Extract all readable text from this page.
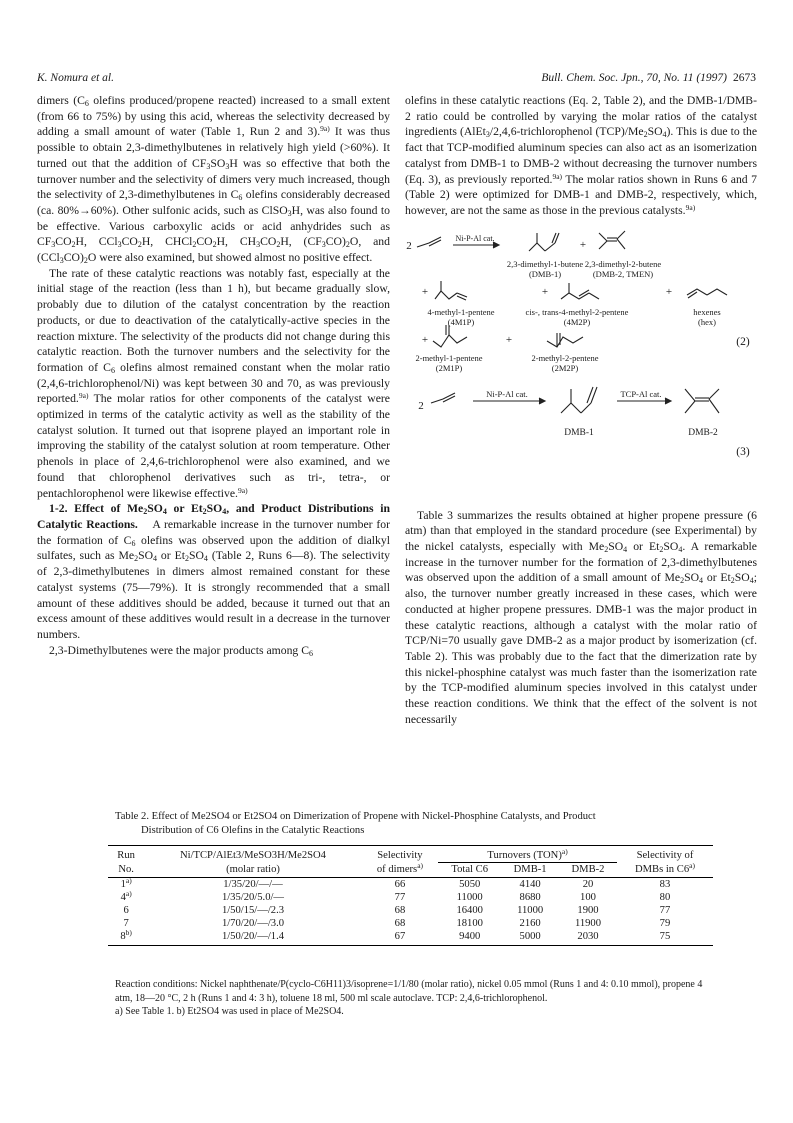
K. Nomura et al.	Bull. Chem. Soc. Jpn., 70, No. 11 (1997) 2673

dimers ($C_6$ olefins produced/propene reacted) increased to a small extent (from 66 to 75%) by using this acid, whereas the selectivity decreased by adding a small amount of water (Table 1, Run 2 and 3).$^{9a)}$ It was thus possible to obtain 2,3-dimethylbutenes in relatively high yield (>60%). It turned out that the addition of $CF_3SO_3H$ was so effective that both the turnover number and the selectivity of dimers very much increased, though the selectivity of 2,3-dimethylbutenes in $C_6$ olefins considerably decreased (ca. 80%→60%). Other sulfonic acids, such as ClSO$_3$H, was also found to be effective. Various carboxylic acids or acid anhydrides such as $CF_3CO_2H$, $CCl_3CO_2H$, $CHCl_2CO_2H$, $CH_3CO_2H$, $(CF_3CO)_2O$, and $(CCl_3CO)_2O$ were also examined, but showed almost no positive effect.

The rate of these catalytic reactions was notably fast, especially at the initial stage of the reaction (less than 1 h), but became gradually slow, probably due to dilution of the catalyst concentration by the reaction products, or due to deactivation of the catalytically-active species in the reaction mixture. The selectivity of the products did not change during this catalytic reaction. Both the turnover numbers and the selectivity for the formation of $C_6$ olefins almost remained constant when the molar ratio (2,4,6-trichlorophenol/Ni) was kept between 30 and 70, as was previously reported.$^{9a)}$ The molar ratios for other components of the catalyst were optimized in terms of the catalytic activity as well as the stability of the catalyst solution. It turned out that isoprene played an important role in improving the stability of the catalyst solution at room temperature. Other phenols in place of 2,4,6-trichlorophenol were also examined, and we found that chlorophenol derivatives such as tri-, tetra-, or pentachlorophenol were likewise effective.$^{9a)}$

1-2. Effect of $Me_2SO_4$ or $Et_2SO_4$, and Product Distributions in Catalytic Reactions.    A remarkable increase in the turnover number for the formation of $C_6$ olefins was observed upon the addition of dialkyl sulfates, such as $Me_2SO_4$ or $Et_2SO_4$ (Table 2, Runs 6—8). The selectivity of 2,3-dimethylbutenes in dimers almost remained constant for these catalyst systems (75—79%). It is strongly recommended that a small amount of these additives should be added, because it turned out that an excess amount of these additives would result in a decrease in the turnover numbers.

2,3-Dimethylbutenes were the major products among $C_6$

olefins in these catalytic reactions (Eq. 2, Table 2), and the DMB-1/DMB-2 ratio could be controlled by varying the molar ratios of the catalyst ingredients (AlEt$_3$/2,4,6-trichlorophenol $(TCP)/Me_2SO_4$). This is due to the fact that TCP-modified aluminum species can also act as an isomerization catalyst from DMB-1 to DMB-2 without decreasing the turnover numbers (Eq. 3), as previously reported.$^{9a)}$ The molar ratios shown in Runs 6 and 7 (Table 2) were optimized for DMB-1 and DMB-2, respectively, which, however, are not the same as those in the previous catalysts.$^{9a)}$

2
Ni-P-Al cat.
+
2,3-dimethyl-1-butene
(DMB-1)
2,3-dimethyl-2-butene
(DMB-2, TMEN)
+
4-methyl-1-pentene
(4M1P)
+
cis-, trans-4-methyl-2-pentene
(4M2P)
+
hexenes
(hex)
+
2-methyl-1-pentene
(2M1P)
+
2-methyl-2-pentene
(2M2P)
(2)
2
Ni-P-Al cat.	TCP-Al cat.
DMB-1	DMB-2
(3)

Table 3 summarizes the results obtained at higher propene pressure (6 atm) than that employed in the standard procedure (see Experimental) by the nickel catalysts, especially with $Me_2SO_4$ or $Et_2SO_4$. A remarkable increase in the turnover number for the formation of 2,3-dimethylbutenes was observed upon the addition of a small amount of $Me_2SO_4$ or $Et_2SO_4$; also, the turnover number greatly increased in these cases, which were conducted at higher propene pressures. DMB-1 was the major product in these catalytic reactions, although a catalyst with the molar ratio of TCP/Ni=70 usually gave DMB-2 as a major product by isomerization (cf. Table 2). This was probably due to the fact that the dimerization rate by this nickel-phosphine catalyst was much faster than the isomerization rate by the TCP-modified aluminum species involved in this catalyst under these reaction conditions. We think that the effect of the solvent is not necessarily

Table 2. Effect of Me2SO4 or Et2SO4 on Dimerization of Propene with Nickel-Phosphine Catalysts, and Product
Distribution of C6 Olefins in the Catalytic Reactions
Run	Ni/TCP/AlEt3/MeSO3H/Me2SO4	Selectivity	Turnovers (TON)$^{a)}$			Selectivity of
No.	(molar ratio)	of dimers$^{a)}$	Total C6	DMB-1	DMB-2	DMBs in C6$^{a)}$
1$^{a)}$	1/35/20/—/—	66	5050	4140	20	83
4$^{a)}$	1/35/20/5.0/—	77	11000	8680	100	80
6	1/50/15/—/2.3	68	16400	11000	1900	77
7	1/70/20/—/3.0	68	18100	2160	11900	79
8$^{b)}$	1/50/20/—/1.4	67	9400	5000	2030	75
Reaction conditions: Nickel naphthenate/P(cyclo-C6H11)3/isoprene=1/1/80 (molar ratio), nickel 0.05 mmol (Runs 1 and 4: 0.10 mmol), propene 4 atm, 18—20 °C, 2 h (Runs 1 and 4: 3 h), toluene 18 ml, 500 ml scale autoclave. TCP: 2,4,6-trichlorophenol.
a) See Table 1. b) Et2SO4 was used in place of Me2SO4.
